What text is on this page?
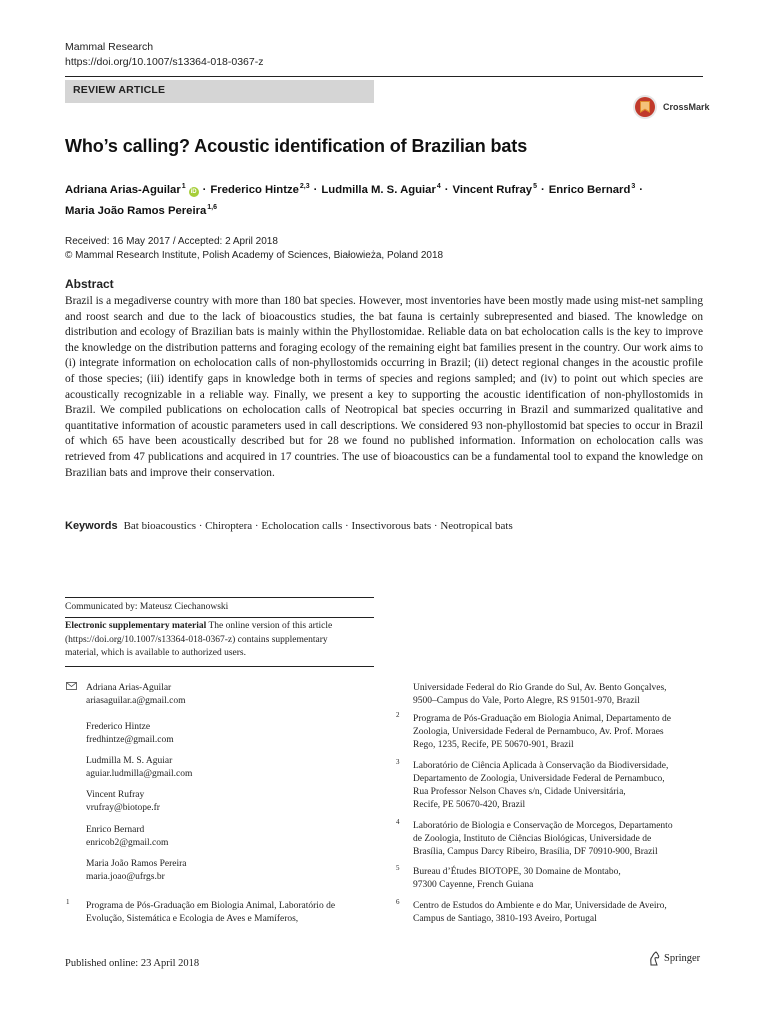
Mammal Research
https://doi.org/10.1007/s13364-018-0367-z
REVIEW ARTICLE
CrossMark
Who’s calling? Acoustic identification of Brazilian bats
Adriana Arias-Aguilar$^1$iD · Frederico Hintze$^{2,3}$ · Ludmilla M. S. Aguiar$^4$ · Vincent Rufray$^5$ · Enrico Bernard$^3$ ·
Maria João Ramos Pereira$^{1,6}$
Received: 16 May 2017 / Accepted: 2 April 2018
© Mammal Research Institute, Polish Academy of Sciences, Białowieża, Poland 2018
Abstract
Brazil is a megadiverse country with more than 180 bat species. However, most inventories have been mostly made using mist-net sampling and roost search and due to the lack of bioacoustics studies, the bat fauna is certainly subrepresented and biased. The knowledge on distribution and ecology of Brazilian bats is mainly within the Phyllostomidae. Reliable data on bat echolocation calls is the key to improve the knowledge on the distribution patterns and foraging ecology of the remaining eight bat families present in the country. Our work aims to (i) integrate information on echolocation calls of non-phyllostomids occurring in Brazil; (ii) detect regional changes in the acoustic profile of those species; (iii) identify gaps in knowledge both in terms of species and regions sampled; and (iv) to point out which species are acoustically recognizable in a reliable way. Finally, we present a key to supporting the acoustic identification of non-phyllostomids in Brazil. We compiled publications on echolocation calls of Neotropical bat species occurring in Brazil and summarized qualitative and quantitative information of acoustic parameters used in call descriptions. We considered 93 non-phyllostomid bat species to occur in Brazil of which 65 have been acoustically described but for 28 we found no published information. Information on echolocation calls was retrieved from 47 publications and acquired in 17 countries. The use of bioacoustics can be a fundamental tool to expand the knowledge on Brazilian bats and improve their conservation.
Keywords Bat bioacoustics · Chiroptera · Echolocation calls · Insectivorous bats · Neotropical bats
Communicated by: Mateusz Ciechanowski
Electronic supplementary material The online version of this article
(https://doi.org/10.1007/s13364-018-0367-z) contains supplementary
material, which is available to authorized users.
Adriana Arias-Aguilar
ariasaguilar.a@gmail.com
Frederico Hintze
fredhintze@gmail.com
Ludmilla M. S. Aguiar
aguiar.ludmilla@gmail.com
Vincent Rufray
vrufray@biotope.fr
Enrico Bernard
enricob2@gmail.com
Maria João Ramos Pereira
maria.joao@ufrgs.br
1 Programa de Pós-Graduação em Biologia Animal, Laboratório de
Evolução, Sistemática e Ecologia de Aves e Mamíferos,
Universidade Federal do Rio Grande do Sul, Av. Bento Gonçalves,
9500–Campus do Vale, Porto Alegre, RS 91501-970, Brazil
2 Programa de Pós-Graduação em Biologia Animal, Departamento de
Zoologia, Universidade Federal de Pernambuco, Av. Prof. Moraes
Rego, 1235, Recife, PE 50670-901, Brazil
3 Laboratório de Ciência Aplicada à Conservação da Biodiversidade,
Departamento de Zoologia, Universidade Federal de Pernambuco,
Rua Professor Nelson Chaves s/n, Cidade Universitária,
Recife, PE 50670-420, Brazil
4 Laboratório de Biologia e Conservação de Morcegos, Departamento
de Zoologia, Instituto de Ciências Biológicas, Universidade de
Brasília, Campus Darcy Ribeiro, Brasília, DF 70910-900, Brazil
5 Bureau d’Études BIOTOPE, 30 Domaine de Montabo,
97300 Cayenne, French Guiana
6 Centro de Estudos do Ambiente e do Mar, Universidade de Aveiro,
Campus de Santiago, 3810-193 Aveiro, Portugal
Published online: 23 April 2018	Springer
